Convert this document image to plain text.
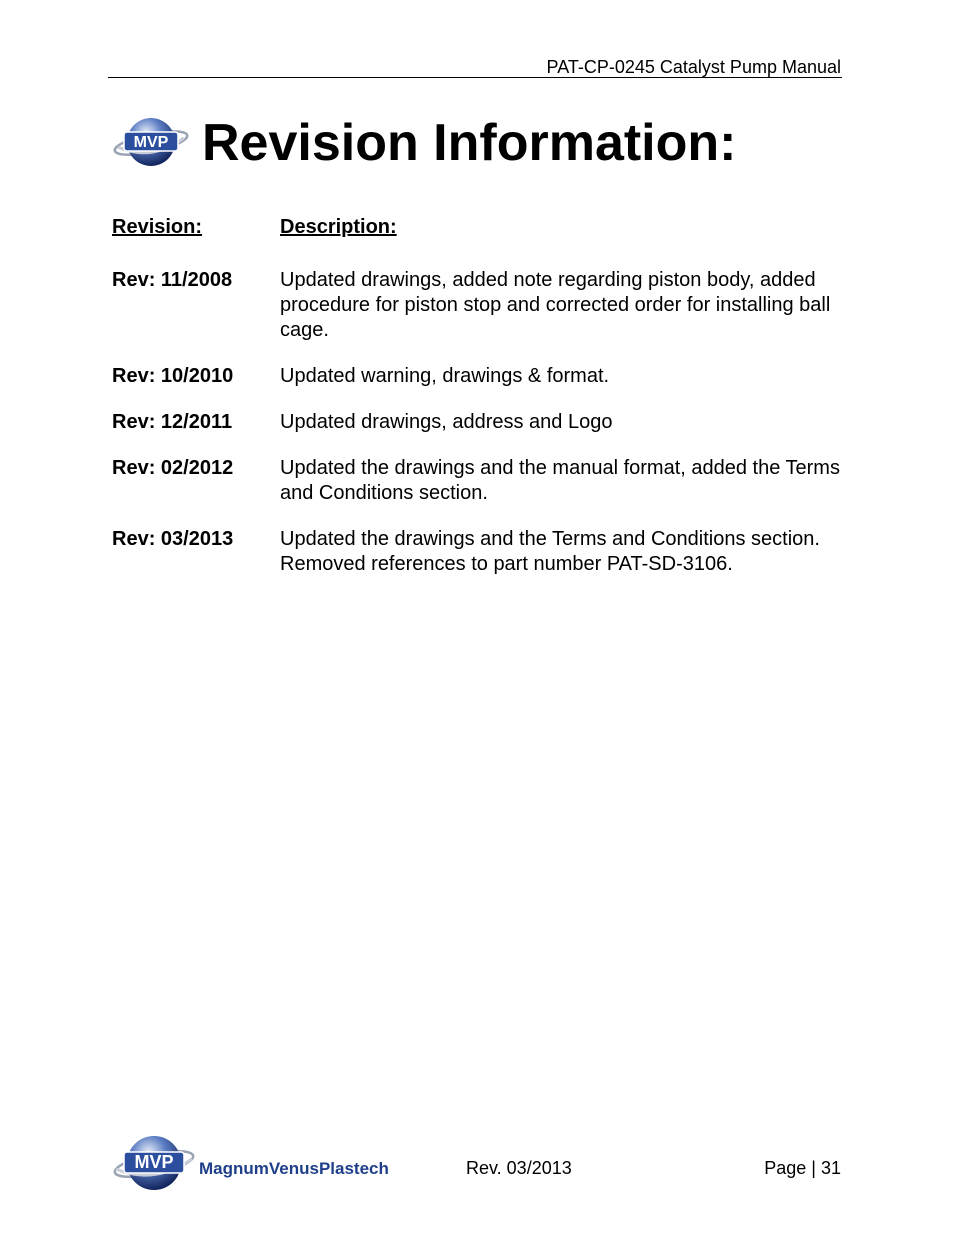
PAT-CP-0245 Catalyst Pump Manual
MVP Revision Information:
Revision:	Description:
Rev: 11/2008	Updated drawings, added note regarding piston body, added procedure for piston stop and corrected order for installing ball cage.
Rev: 10/2010	Updated warning, drawings & format.
Rev: 12/2011	Updated drawings, address and Logo
Rev: 02/2012	Updated the drawings and the manual format, added the Terms and Conditions section.
Rev: 03/2013	Updated the drawings and the Terms and Conditions section. Removed references to part number PAT-SD-3106.
MVP MagnumVenusPlastech	Rev. 03/2013	Page | 31
